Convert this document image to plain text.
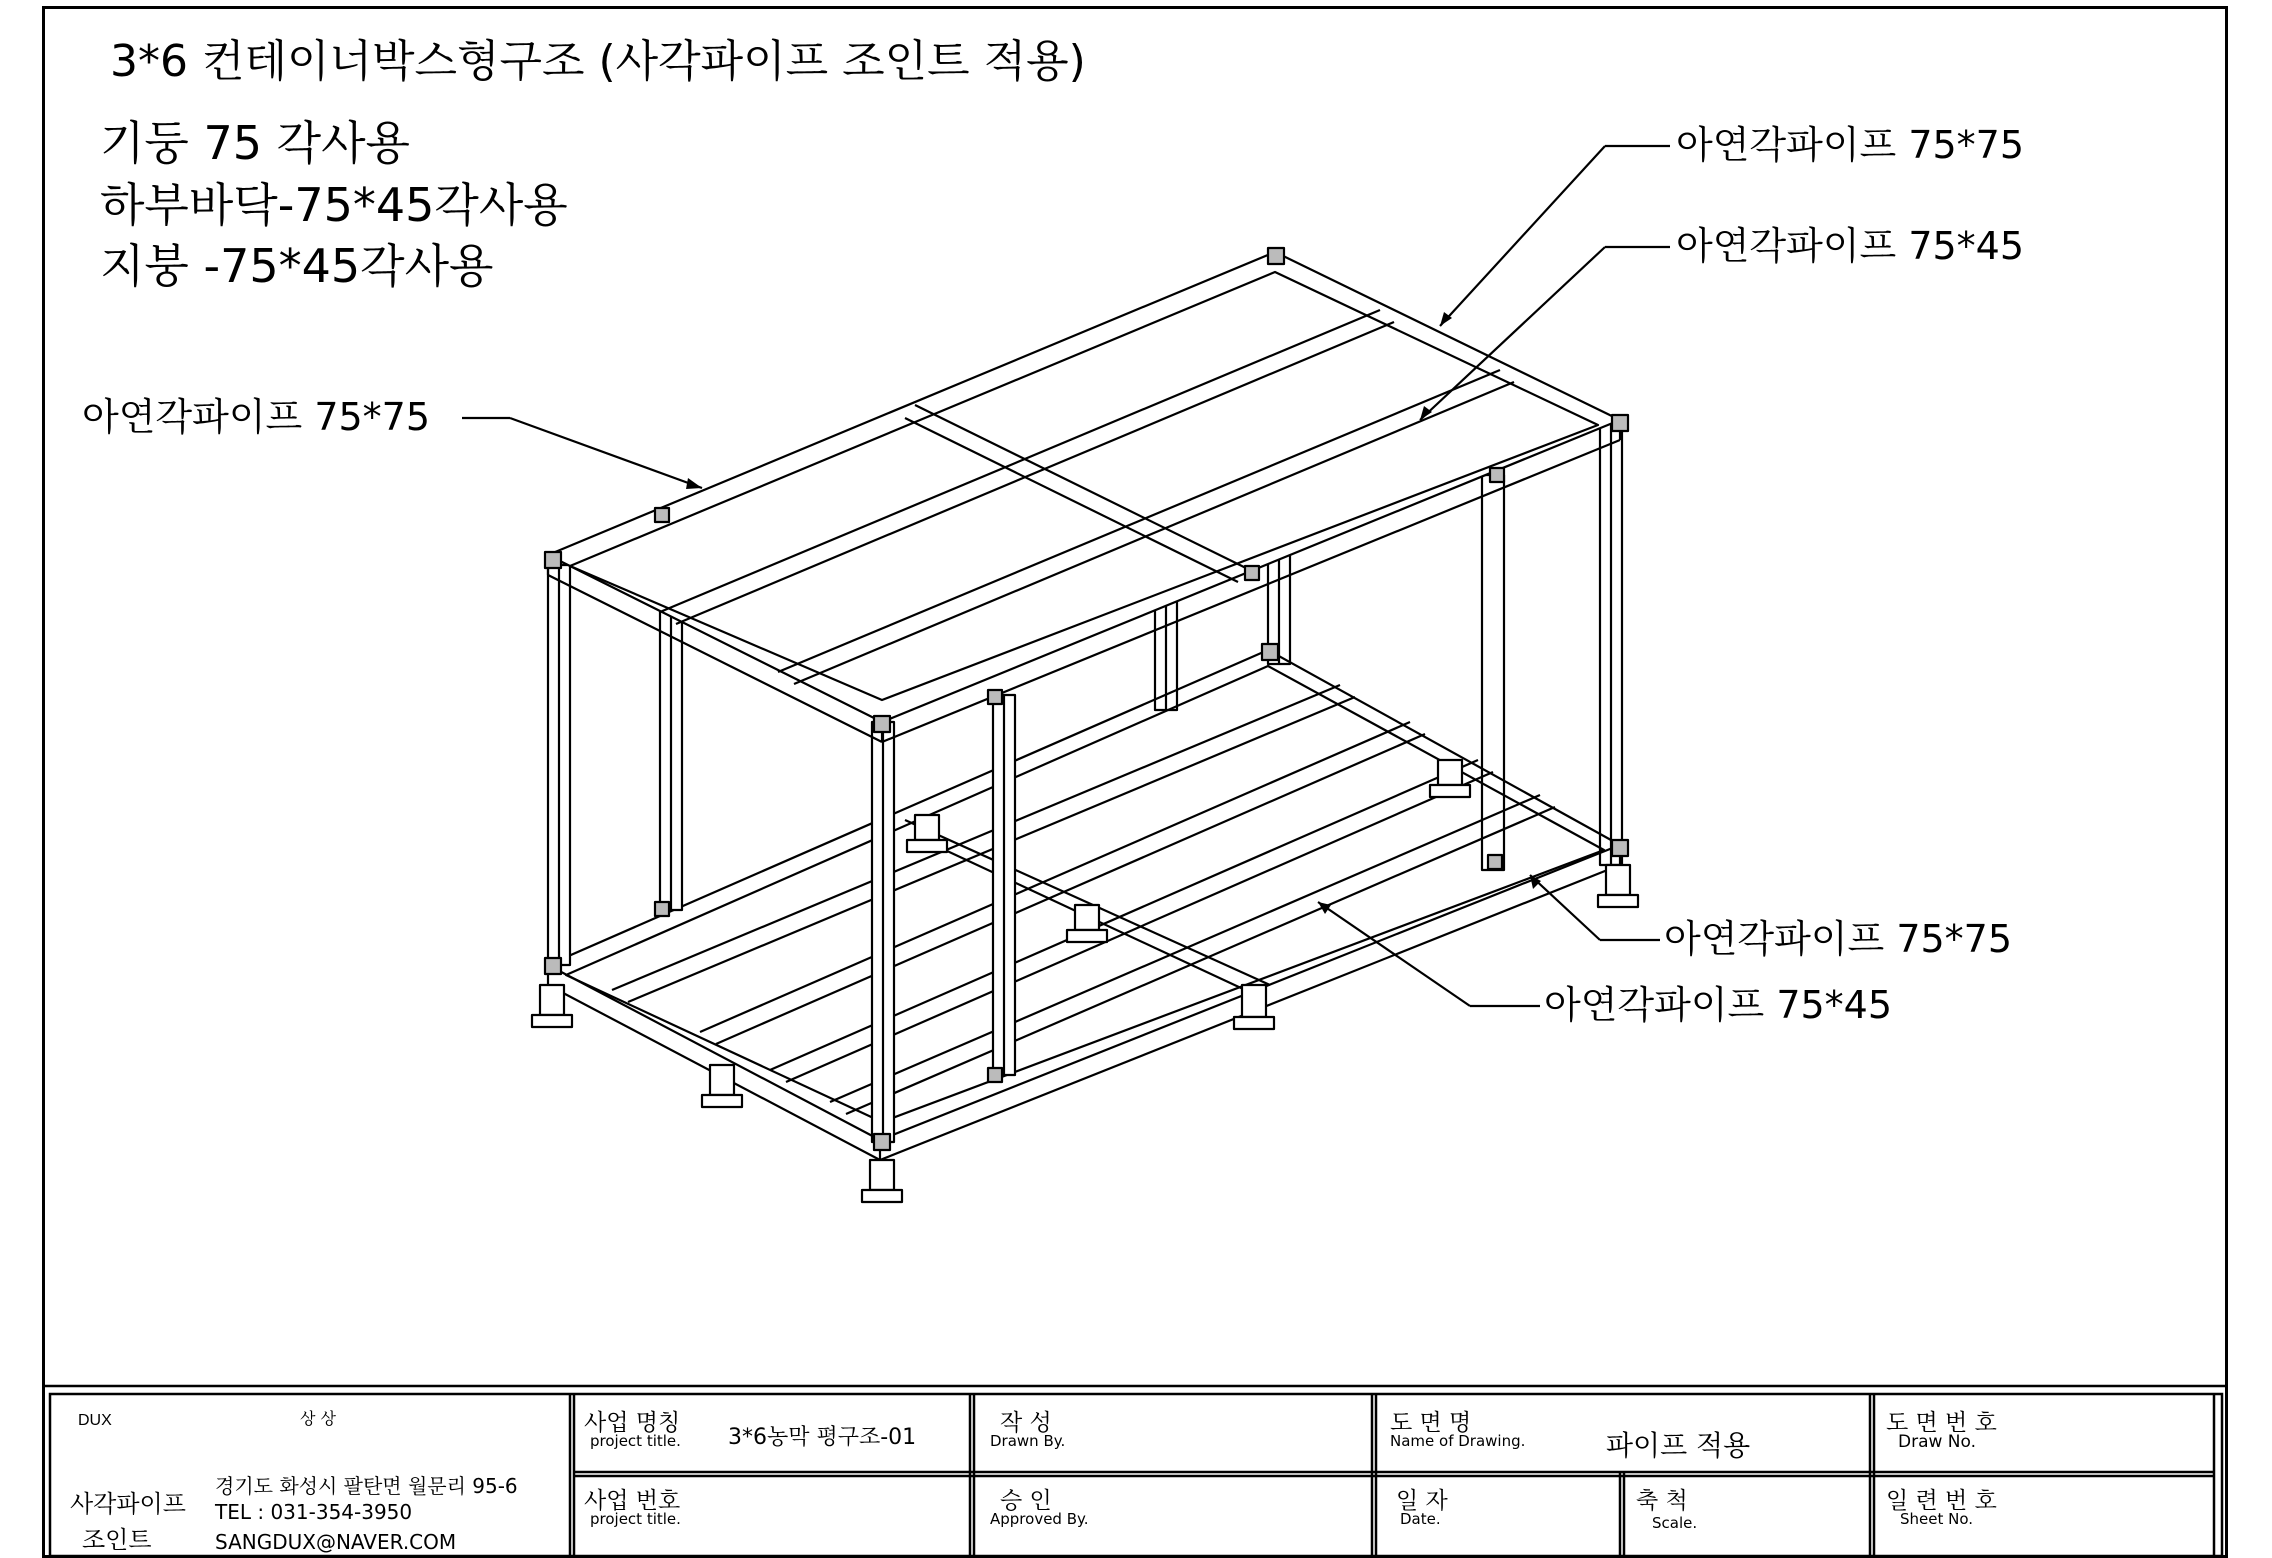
3*6 컨테이너박스형구조 (사각파이프 조인트 적용)
기둥 75 각사용
하부바닥-75*45각사용
지붕 -75*45각사용
아연각파이프 75*75
아연각파이프 75*45
아연각파이프 75*75
아연각파이프 75*75
아연각파이프 75*45
DUX	상 상
사각파이프
조인트
경기도 화성시 팔탄면 월문리 95-6
TEL : 031-354-3950
SANGDUX@NAVER.COM
사업 명칭
project title. 3*6농막 평구조-01
사업 번호
project title.
작 성
Drawn By.
승 인
Approved By.
도 면 명
Name of Drawing.	파이프 적용
일 자
Date.
축 척
Scale.
도 면 번 호
Draw No.
일 련 번 호
Sheet No.
